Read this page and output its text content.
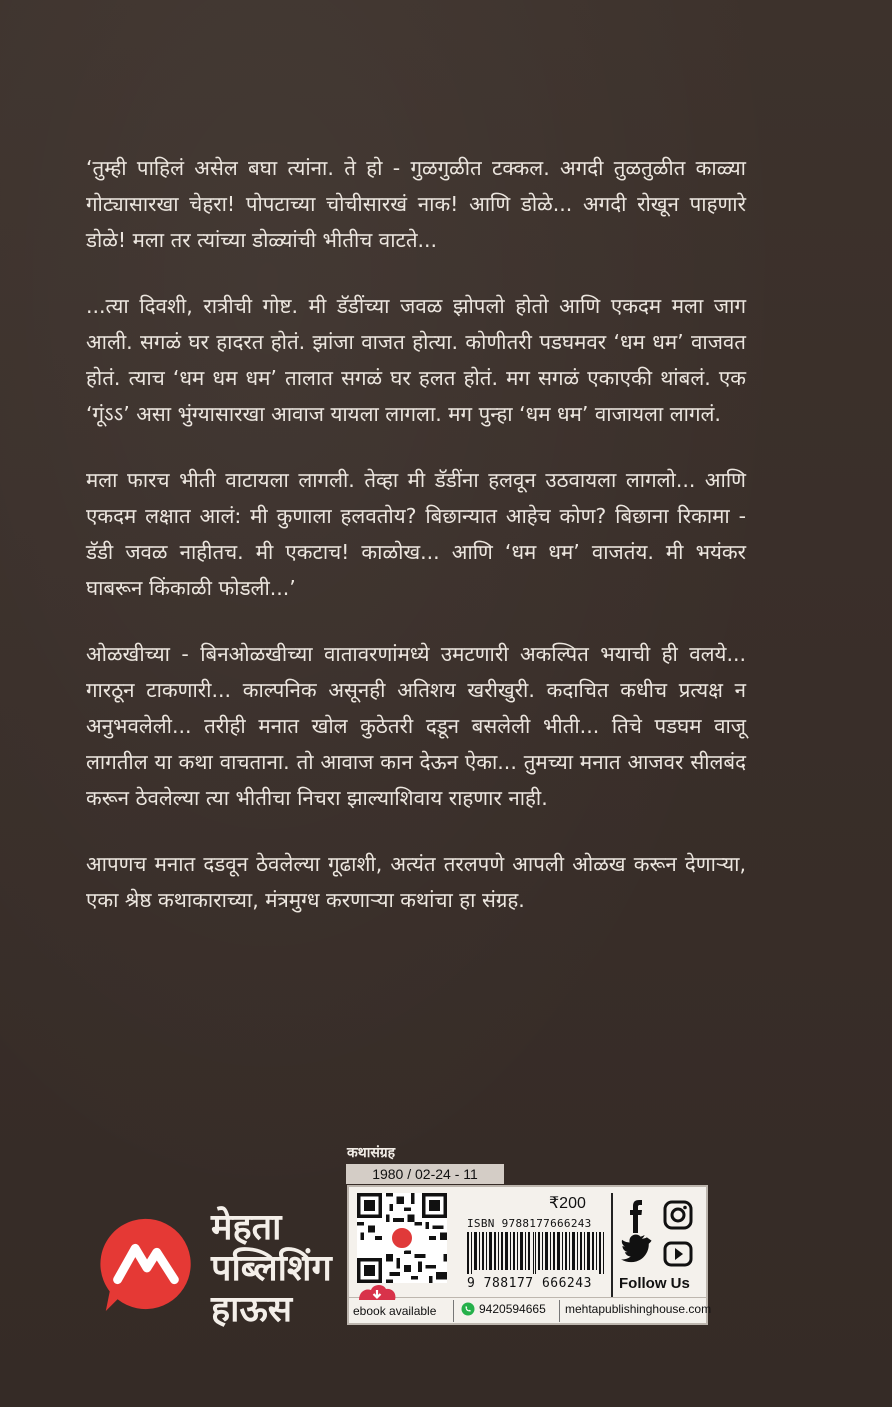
‘तुम्ही पाहिलं असेल बघा त्यांना. ते हो - गुळगुळीत टक्कल. अगदी तुळतुळीत काळ्या गोट्यासारखा चेहरा! पोपटाच्या चोचीसारखं नाक! आणि डोळे... अगदी रोखून पाहणारे डोळे! मला तर त्यांच्या डोळ्यांची भीतीच वाटते...

...त्या दिवशी, रात्रीची गोष्ट. मी डॅडींच्या जवळ झोपलो होतो आणि एकदम मला जाग आली. सगळं घर हादरत होतं. झांजा वाजत होत्या. कोणीतरी पडघमवर ‘धम धम’ वाजवत होतं. त्याच ‘धम धम धम’ तालात सगळं घर हलत होतं. मग सगळं एकाएकी थांबलं. एक ‘गूंऽऽ’ असा भुंग्यासारखा आवाज यायला लागला. मग पुन्हा ‘धम धम’ वाजायला लागलं.

मला फारच भीती वाटायला लागली. तेव्हा मी डॅडींना हलवून उठवायला लागलो... आणि एकदम लक्षात आलं: मी कुणाला हलवतोय? बिछान्यात आहेच कोण? बिछाना रिकामा - डॅडी जवळ नाहीतच. मी एकटाच! काळोख... आणि ‘धम धम’ वाजतंय. मी भयंकर घाबरून किंकाळी फोडली...’

ओळखीच्या - बिनओळखीच्या वातावरणांमध्ये उमटणारी अकल्पित भयाची ही वलये... गारठून टाकणारी... काल्पनिक असूनही अतिशय खरीखुरी. कदाचित कधीच प्रत्यक्ष न अनुभवलेली... तरीही मनात खोल कुठेतरी दडून बसलेली भीती... तिचे पडघम वाजू लागतील या कथा वाचताना. तो आवाज कान देऊन ऐका... तुमच्या मनात आजवर सीलबंद करून ठेवलेल्या त्या भीतीचा निचरा झाल्याशिवाय राहणार नाही.

आपणच मनात दडवून ठेवलेल्या गूढाशी, अत्यंत तरलपणे आपली ओळख करून देणाऱ्या, एका श्रेष्ठ कथाकाराच्या, मंत्रमुग्ध करणाऱ्या कथांचा हा संग्रह.

कथासंग्रह
1980 / 02-24 - 11
मेहता
पब्लिशिंग
हाऊस
₹200
ISBN 9788177666243
9 788177 666243 Follow Us
ebook available	9420594665 mehtapublishinghouse.com
